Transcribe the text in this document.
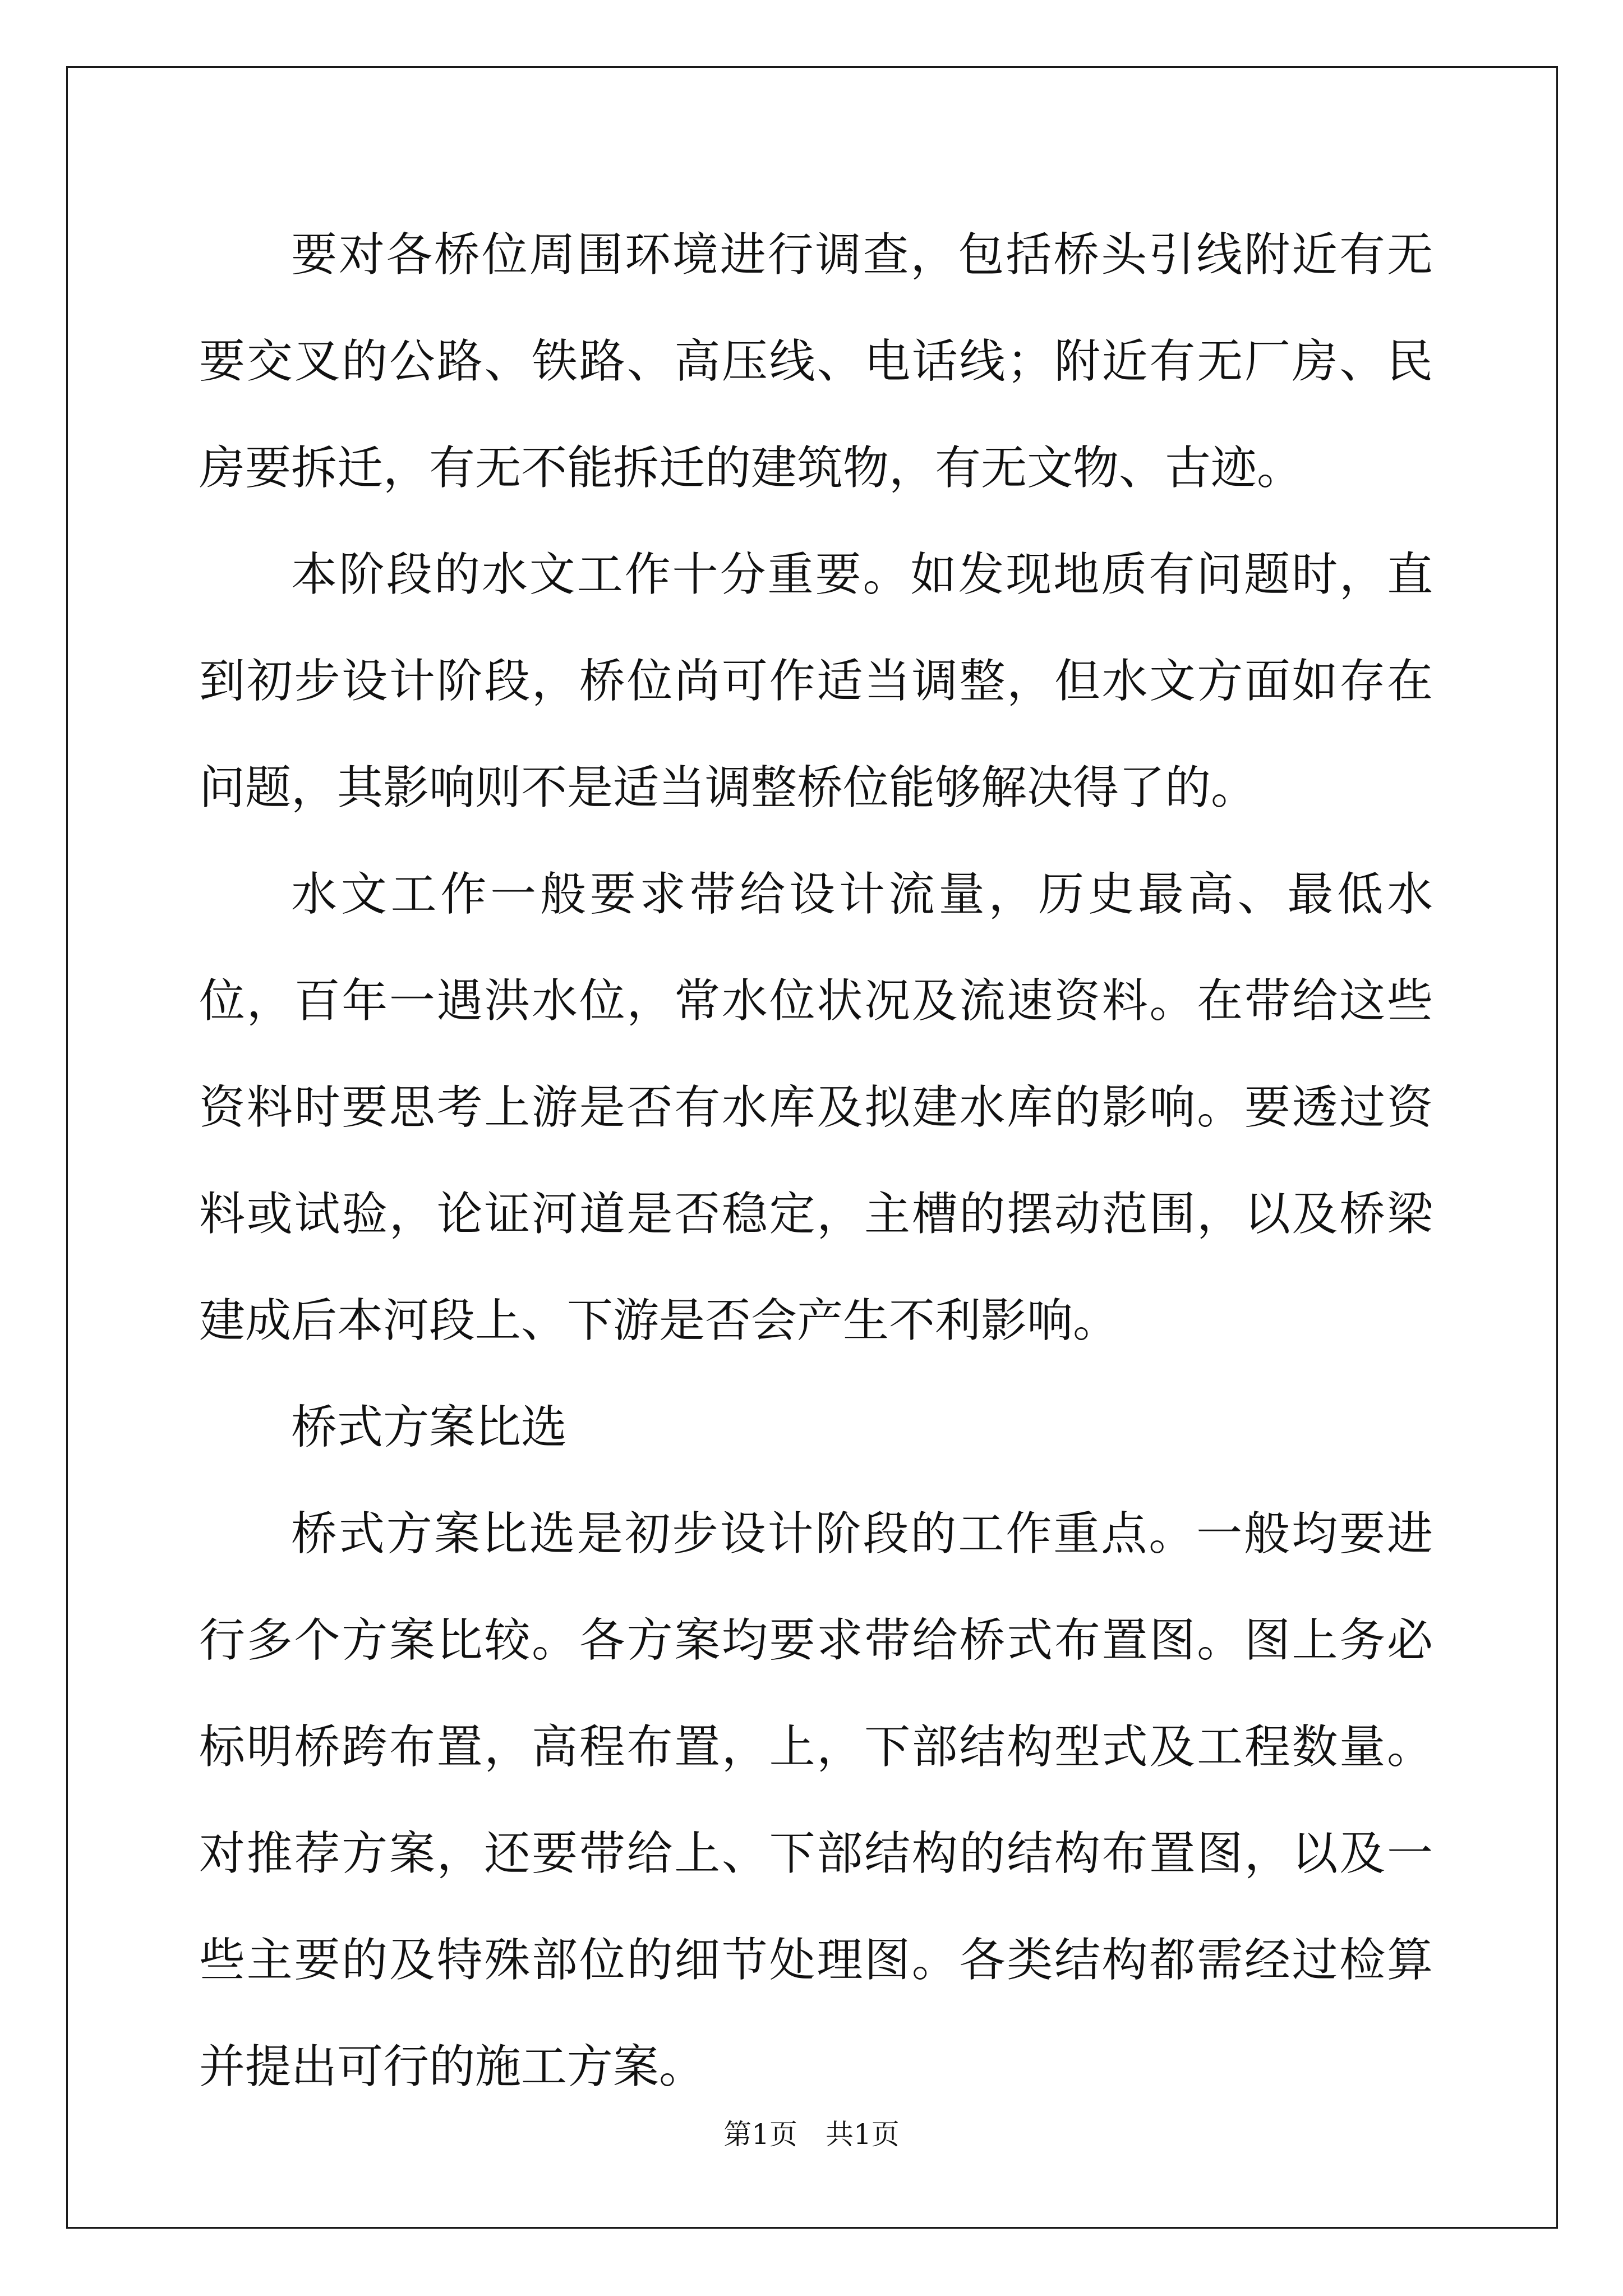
要对各桥位周围环境进行调查，包括桥头引线附近有无要交叉的公路、铁路、高压线、电话线；附近有无厂房、民房要拆迁，有无不能拆迁的建筑物，有无文物、古迹。

本阶段的水文工作十分重要。如发现地质有问题时，直到初步设计阶段，桥位尚可作适当调整，但水文方面如存在问题，其影响则不是适当调整桥位能够解决得了的。

水文工作一般要求带给设计流量，历史最高、最低水位，百年一遇洪水位，常水位状况及流速资料。在带给这些资料时要思考上游是否有水库及拟建水库的影响。要透过资料或试验，论证河道是否稳定，主槽的摆动范围，以及桥梁建成后本河段上、下游是否会产生不利影响。

桥式方案比选

桥式方案比选是初步设计阶段的工作重点。一般均要进行多个方案比较。各方案均要求带给桥式布置图。图上务必标明桥跨布置，高程布置，上，下部结构型式及工程数量。对推荐方案，还要带给上、下部结构的结构布置图，以及一些主要的及特殊部位的细节处理图。各类结构都需经过检算并提出可行的施工方案。

第1页 共1页
